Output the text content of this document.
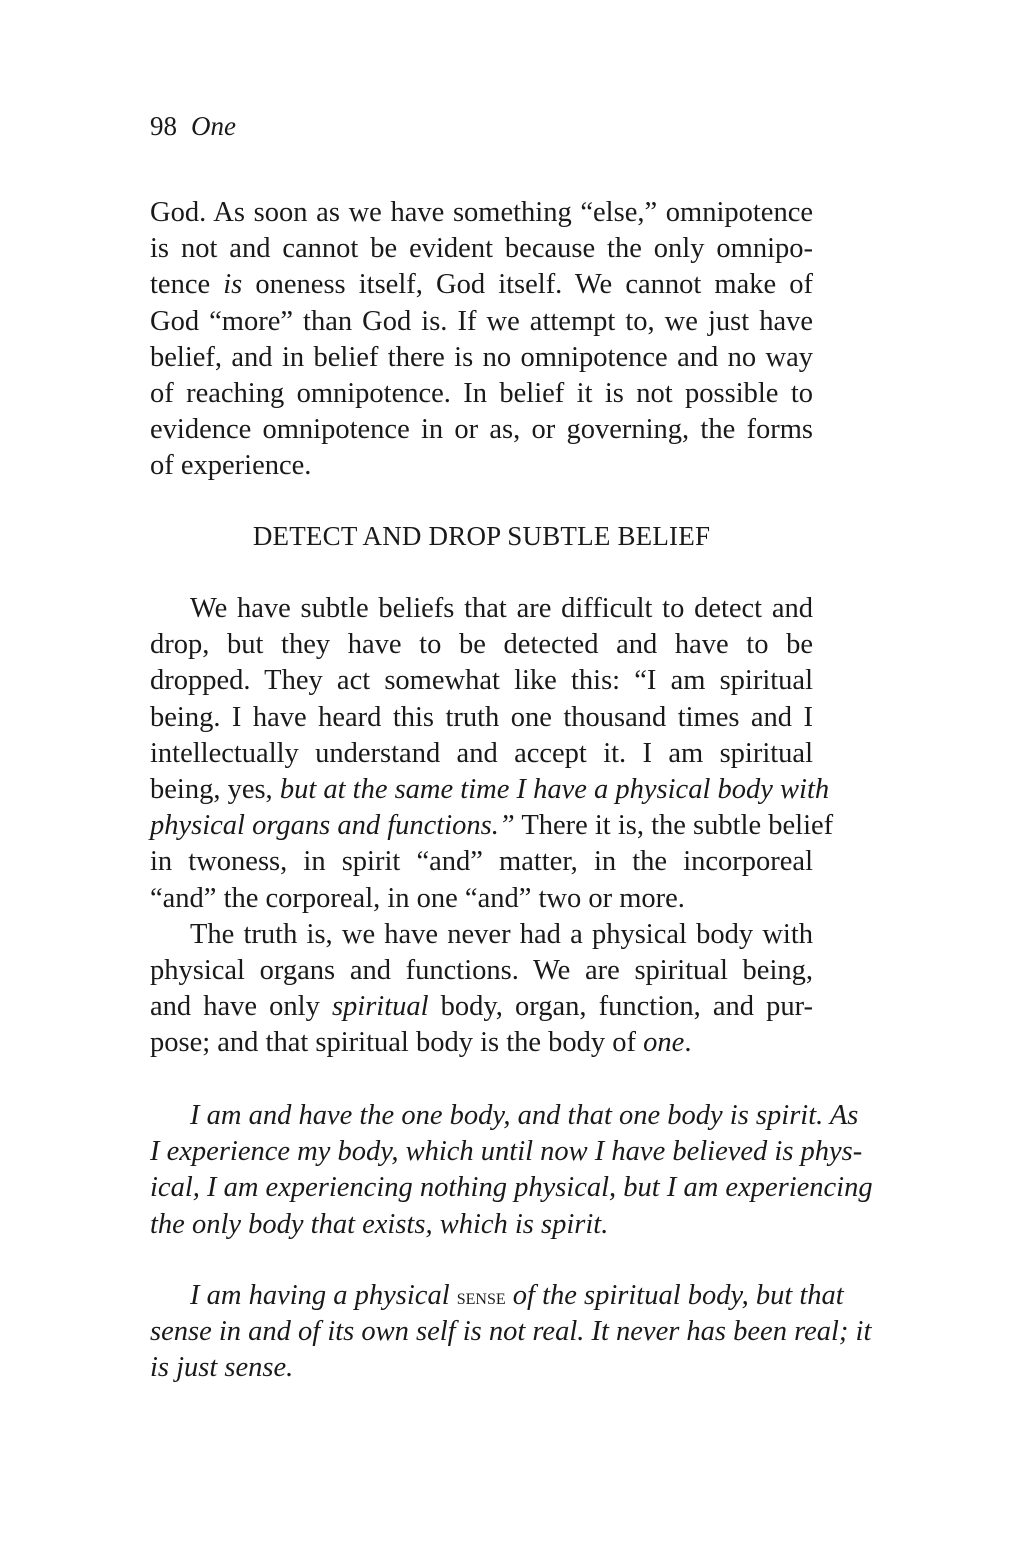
98 One
God. As soon as we have something “else,” omnipotence
is not and cannot be evident because the only omnipo-
tence is oneness itself, God itself. We cannot make of
God “more” than God is. If we attempt to, we just have
belief, and in belief there is no omnipotence and no way
of reaching omnipotence. In belief it is not possible to
evidence omnipotence in or as, or governing, the forms
of experience.
DETECT AND DROP SUBTLE BELIEF
We have subtle beliefs that are difficult to detect and
drop, but they have to be detected and have to be
dropped. They act somewhat like this: “I am spiritual
being. I have heard this truth one thousand times and I
intellectually understand and accept it. I am spiritual
being, yes, but at the same time I have a physical body with
physical organs and functions.” There it is, the subtle belief
in twoness, in spirit “and” matter, in the incorporeal
“and” the corporeal, in one “and” two or more.
The truth is, we have never had a physical body with
physical organs and functions. We are spiritual being,
and have only spiritual body, organ, function, and pur-
pose; and that spiritual body is the body of one.
I am and have the one body, and that one body is spirit. As
I experience my body, which until now I have believed is phys-
ical, I am experiencing nothing physical, but I am experiencing
the only body that exists, which is spirit.
I am having a physical sense of the spiritual body, but that
sense in and of its own self is not real. It never has been real; it
is just sense.
